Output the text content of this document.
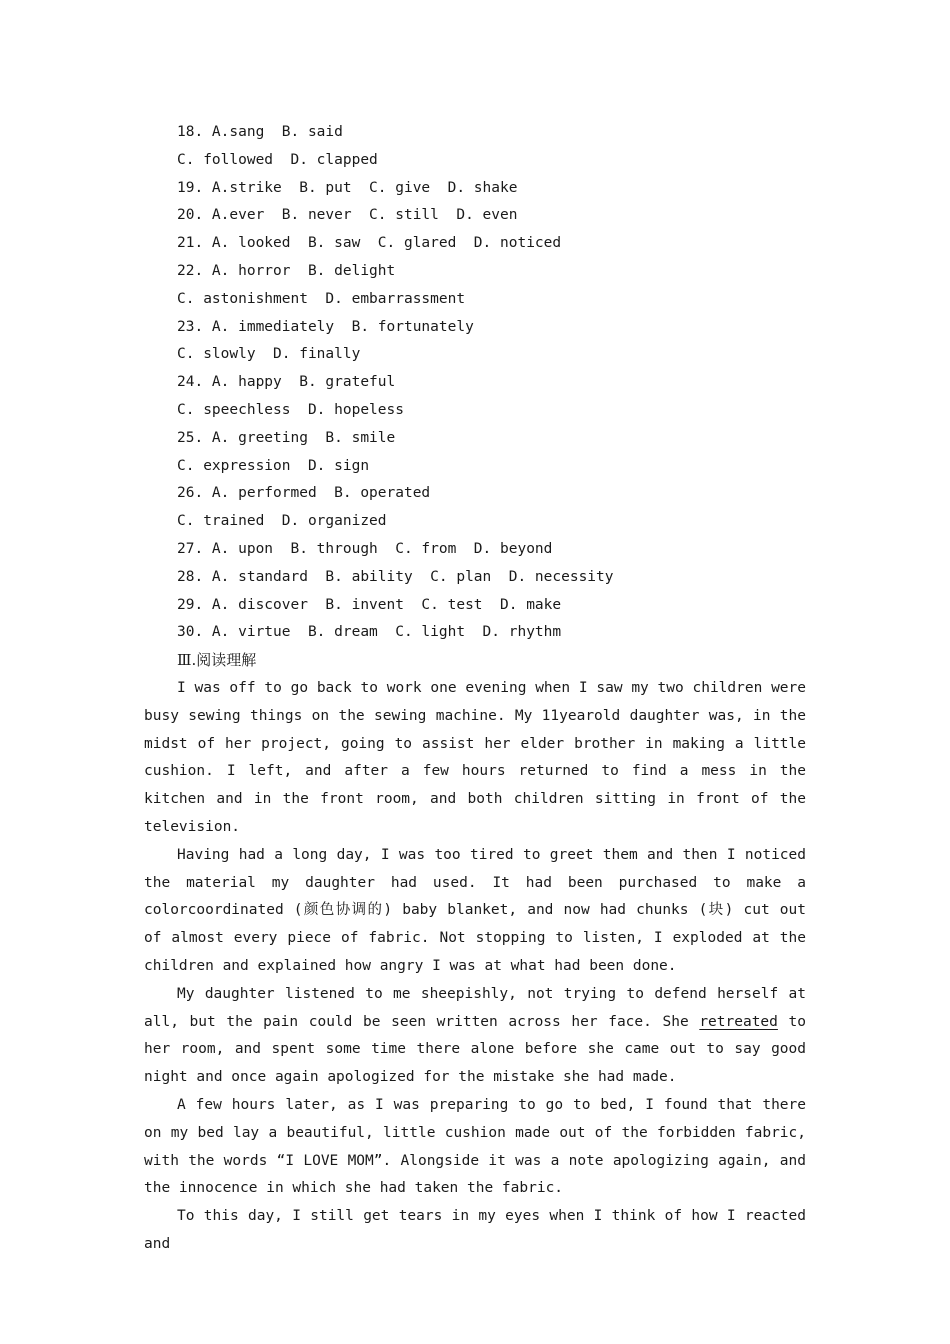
18. A.sang  B. said
C. followed  D. clapped
19. A.strike  B. put  C. give  D. shake
20. A.ever  B. never  C. still  D. even
21. A. looked  B. saw  C. glared  D. noticed
22. A. horror  B. delight
C. astonishment  D. embarrassment
23. A. immediately  B. fortunately
C. slowly  D. finally
24. A. happy  B. grateful
C. speechless  D. hopeless
25. A. greeting  B. smile
C. expression  D. sign
26. A. performed  B. operated
C. trained  D. organized
27. A. upon  B. through  C. from  D. beyond
28. A. standard  B. ability  C. plan  D. necessity
29. A. discover  B. invent  C. test  D. make
30. A. virtue  B. dream  C. light  D. rhythm
Ⅲ.阅读理解

I was off to go back to work one evening when I saw my two children were busy sewing things on the sewing machine. My 11yearold daughter was, in the midst of her project, going to assist her elder brother in making a little cushion. I left, and after a few hours returned to find a mess in the kitchen and in the front room, and both children sitting in front of the television.

Having had a long day, I was too tired to greet them and then I noticed the material my daughter had used. It had been purchased to make a colorcoordinated (颜色协调的) baby blanket, and now had chunks (块) cut out of almost every piece of fabric. Not stopping to listen, I exploded at the children and explained how angry I was at what had been done.

My daughter listened to me sheepishly, not trying to defend herself at all, but the pain could be seen written across her face. She retreated to her room, and spent some time there alone before she came out to say good night and once again apologized for the mistake she had made.

A few hours later, as I was preparing to go to bed, I found that there on my bed lay a beautiful, little cushion made out of the forbidden fabric, with the words “I LOVE MOM”. Alongside it was a note apologizing again, and the innocence in which she had taken the fabric.

To this day, I still get tears in my eyes when I think of how I reacted and
